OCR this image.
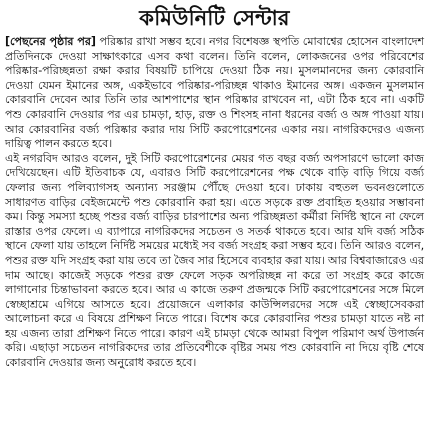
কমিউনিটি সেন্টার

[পেছনের পৃষ্ঠার পর] পরিষ্কার রাখা সম্ভব হবে। নগর বিশেষজ্ঞ স্থপতি মোবাশ্বের হোসেন বাংলাদেশ প্রতিদিনকে দেওয়া সাক্ষাৎকারে এসব কথা বলেন। তিনি বলেন, লোকজনের ওপর পরিবেশের পরিষ্কার-পরিচ্ছন্নতা রক্ষা করার বিষয়টি চাপিয়ে দেওয়া ঠিক নয়। মুসলমানদের জন্য কোরবানি দেওয়া যেমন ইমানের অঙ্গ, একইভাবে পরিষ্কার-পরিচ্ছন্ন থাকাও ইমানের অঙ্গ। একজন মুসলমান কোরবানি দেবেন আর তিনি তার আশপাশের স্থান পরিষ্কার রাখবেন না, এটা ঠিক হবে না। একটি পশু কোরবানি দেওয়ার পর এর চামড়া, হাড়, রক্ত ও শিংসহ নানা ধরনের বর্জ্য ও অঙ্গ পাওয়া যায়। আর কোরবানির বর্জ্য পরিষ্কার করার দায় সিটি করপোরেশনের একার নয়। নাগরিকদেরও এজন্য দায়িত্ব পালন করতে হবে।

এই নগরবিদ আরও বলেন, দুই সিটি করপোরেশনের মেয়র গত বছর বর্জ্য অপসারণে ভালো কাজ দেখিয়েছেন। এটি ইতিবাচক যে, এবারও সিটি করপোরেশনের পক্ষ থেকে বাড়ি বাড়ি গিয়ে বর্জ্য ফেলার জন্য পলিব্যাগসহ অন্যান্য সরঞ্জাম পৌঁছে দেওয়া হবে। ঢাকায় বহুতল ভবনগুলোতে সাধারণত বাড়ির বেইজমেন্টে পশু কোরবানি করা হয়। এতে সড়কে রক্ত প্রবাহিত হওয়ার সম্ভাবনা কম। কিন্তু সমস্যা হচ্ছে পশুর বর্জ্য বাড়ির চারপাশের অন্য পরিচ্ছন্নতা কর্মীরা নির্দিষ্ট স্থানে না ফেলে রাস্তার ওপর ফেলে। এ ব্যাপারে নাগরিকদের সচেতন ও সতর্ক থাকতে হবে। আর যদি বর্জ্য সঠিক স্থানে ফেলা যায় তাহলে নির্দিষ্ট সময়ের মধ্যেই সব বর্জ্য সংগ্রহ করা সম্ভব হবে। তিনি আরও বলেন, পশুর রক্ত যদি সংগ্রহ করা যায় তবে তা জৈব সার হিসেবে ব্যবহার করা যায়। আর বিশ্ববাজারেও এর দাম আছে। কাজেই সড়কে পশুর রক্ত ফেলে সড়ক অপরিচ্ছন্ন না করে তা সংগ্রহ করে কাজে লাগানোর চিন্তাভাবনা করতে হবে। আর এ কাজে তরুণ প্রজন্মকে সিটি করপোরেশনের সঙ্গে মিলে স্বেচ্ছাশ্রমে এগিয়ে আসতে হবে। প্রয়োজনে এলাকার কাউন্সিলরদের সঙ্গে এই স্বেচ্ছাসেবকরা আলোচনা করে এ বিষয়ে প্রশিক্ষণ নিতে পারে। বিশেষ করে কোরবানির পশুর চামড়া যাতে নষ্ট না হয় এজন্য তারা প্রশিক্ষণ নিতে পারে। কারণ এই চামড়া থেকে আমরা বিপুল পরিমাণ অর্থ উপার্জন করি। এছাড়া সচেতন নাগরিকদের তার প্রতিবেশীকে বৃষ্টির সময় পশু কোরবানি না দিয়ে বৃষ্টি শেষে কোরবানি দেওয়ার জন্য অনুরোধ করতে হবে।
